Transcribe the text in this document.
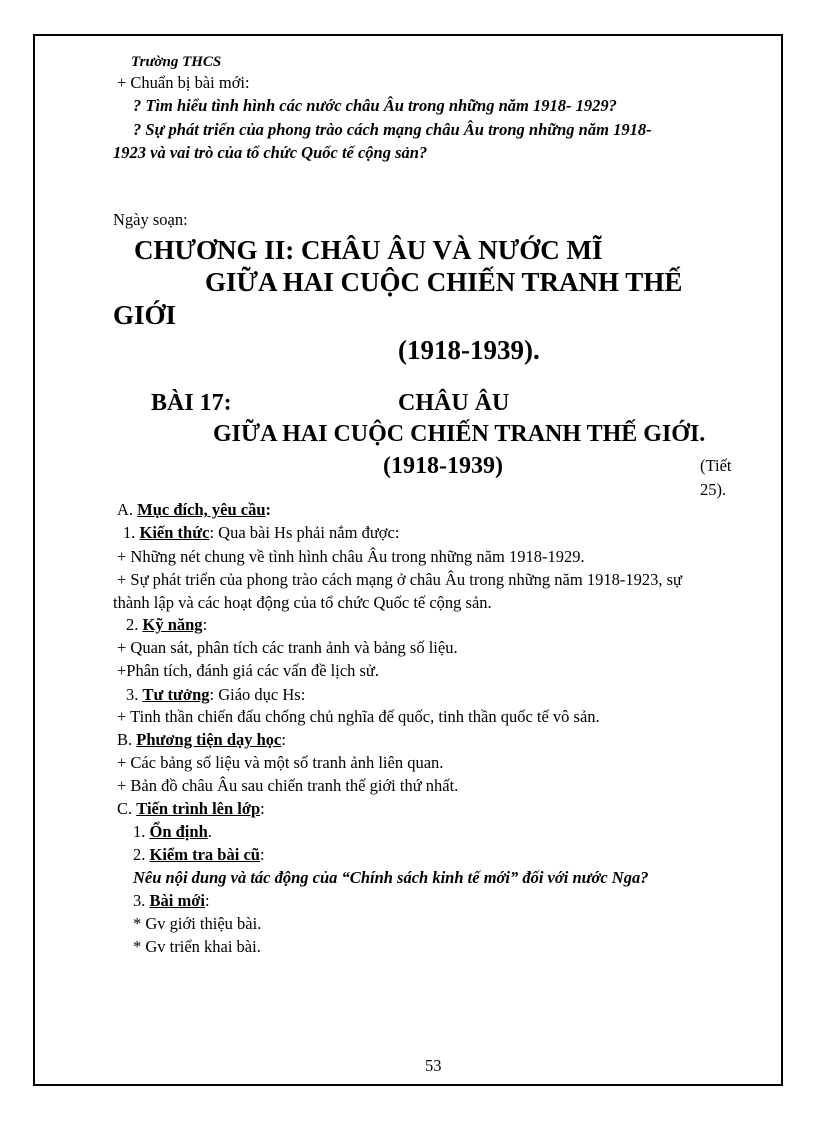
Trường THCS
+ Chuẩn bị bài mới:
? Tìm hiểu tình hình các nước châu Âu trong những năm 1918- 1929?
? Sự phát triển của phong trào cách mạng châu Âu trong những năm 1918-
1923 và vai trò của tổ chức Quốc tế cộng sản?
Ngày soạn:
CHƯƠNG II: CHÂU ÂU VÀ NƯỚC MĨ
GIỮA HAI CUỘC CHIẾN TRANH THẾ
GIỚI
(1918-1939).
BÀI 17:	CHÂU ÂU
GIỮA HAI CUỘC CHIẾN TRANH THẾ GIỚI.
(1918-1939)	(Tiết
25).
A. Mục đích, yêu cầu:
1. Kiến thức: Qua bài Hs phải nắm được:
+ Những nét chung về tình hình châu Âu trong những năm 1918-1929.
+ Sự phát triển của phong trào cách mạng ở châu Âu trong những năm 1918-1923, sự
thành lập và các hoạt động của tổ chức Quốc tế cộng sản.
2. Kỹ năng:
+ Quan sát, phân tích các tranh ảnh và bảng số liệu.
+Phân tích, đánh giá các vấn đề lịch sử.
3. Tư tưởng: Giáo dục Hs:
+ Tinh thần chiến đấu chống chủ nghĩa đế quốc, tinh thần quốc tế vô sản.
B. Phương tiện dạy học:
+ Các bảng số liệu và một số tranh ảnh liên quan.
+ Bản đồ châu Âu sau chiến tranh thế giới thứ nhất.
C. Tiến trình lên lớp:
1. Ổn định.
2. Kiểm tra bài cũ:
Nêu nội dung và tác động của “Chính sách kinh tế mới” đối với nước Nga?
3. Bài mới:
* Gv giới thiệu bài.
* Gv triển khai bài.
53
